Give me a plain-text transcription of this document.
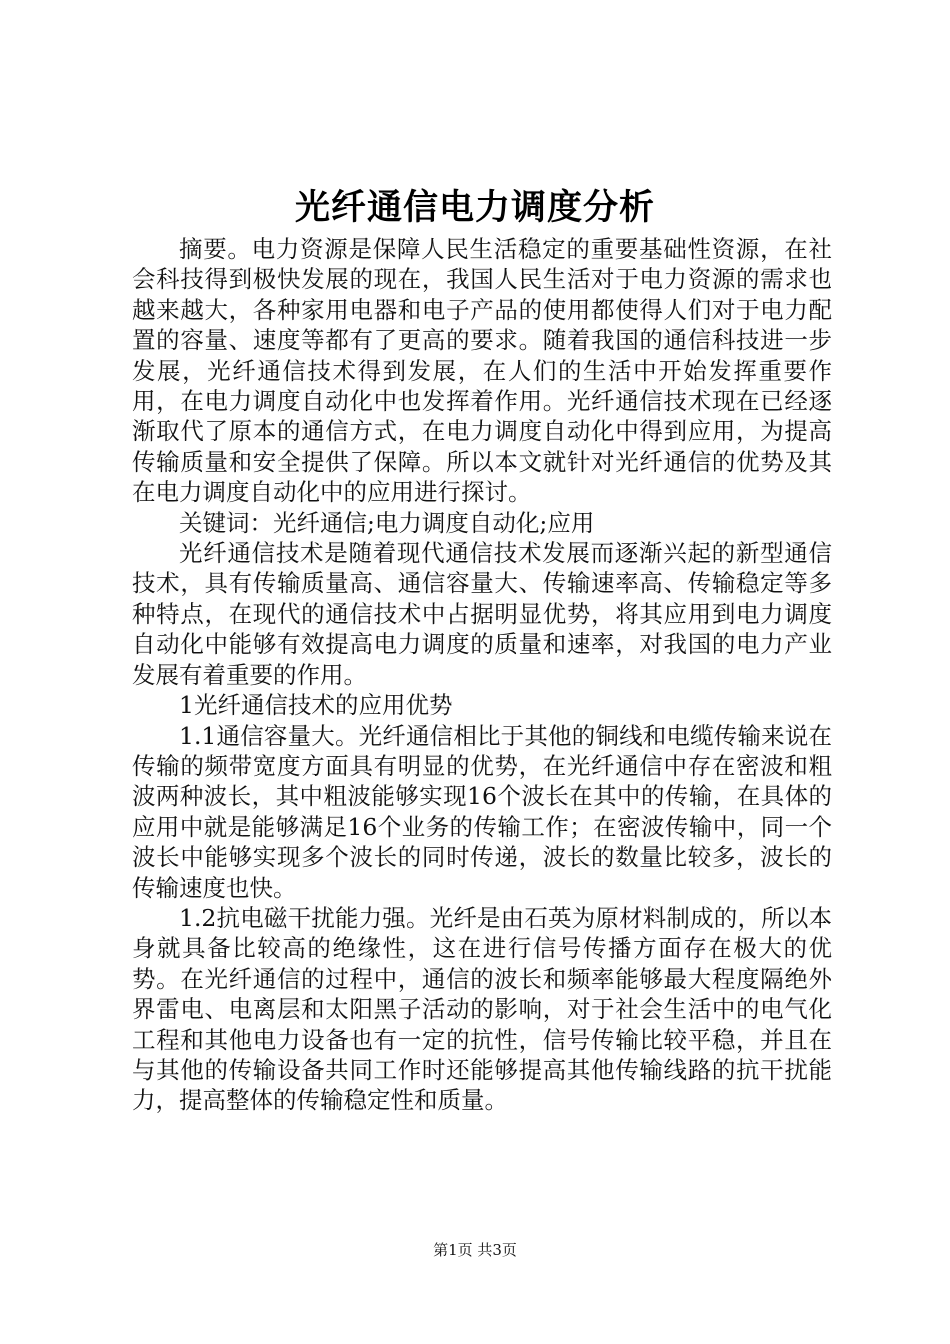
光纤通信电力调度分析

摘要。电力资源是保障人民生活稳定的重要基础性资源，在社会科技得到极快发展的现在，我国人民生活对于电力资源的需求也越来越大，各种家用电器和电子产品的使用都使得人们对于电力配置的容量、速度等都有了更高的要求。随着我国的通信科技进一步发展，光纤通信技术得到发展，在人们的生活中开始发挥重要作用，在电力调度自动化中也发挥着作用。光纤通信技术现在已经逐渐取代了原本的通信方式，在电力调度自动化中得到应用，为提高传输质量和安全提供了保障。所以本文就针对光纤通信的优势及其在电力调度自动化中的应用进行探讨。

关键词：光纤通信;电力调度自动化;应用

光纤通信技术是随着现代通信技术发展而逐渐兴起的新型通信技术，具有传输质量高、通信容量大、传输速率高、传输稳定等多种特点，在现代的通信技术中占据明显优势，将其应用到电力调度自动化中能够有效提高电力调度的质量和速率，对我国的电力产业发展有着重要的作用。

1光纤通信技术的应用优势

1.1通信容量大。光纤通信相比于其他的铜线和电缆传输来说在传输的频带宽度方面具有明显的优势，在光纤通信中存在密波和粗波两种波长，其中粗波能够实现16个波长在其中的传输，在具体的应用中就是能够满足16个业务的传输工作；在密波传输中，同一个波长中能够实现多个波长的同时传递，波长的数量比较多，波长的传输速度也快。

1.2抗电磁干扰能力强。光纤是由石英为原材料制成的，所以本身就具备比较高的绝缘性，这在进行信号传播方面存在极大的优势。在光纤通信的过程中，通信的波长和频率能够最大程度隔绝外界雷电、电离层和太阳黑子活动的影响，对于社会生活中的电气化工程和其他电力设备也有一定的抗性，信号传输比较平稳，并且在与其他的传输设备共同工作时还能够提高其他传输线路的抗干扰能力，提高整体的传输稳定性和质量。

第1页 共3页
